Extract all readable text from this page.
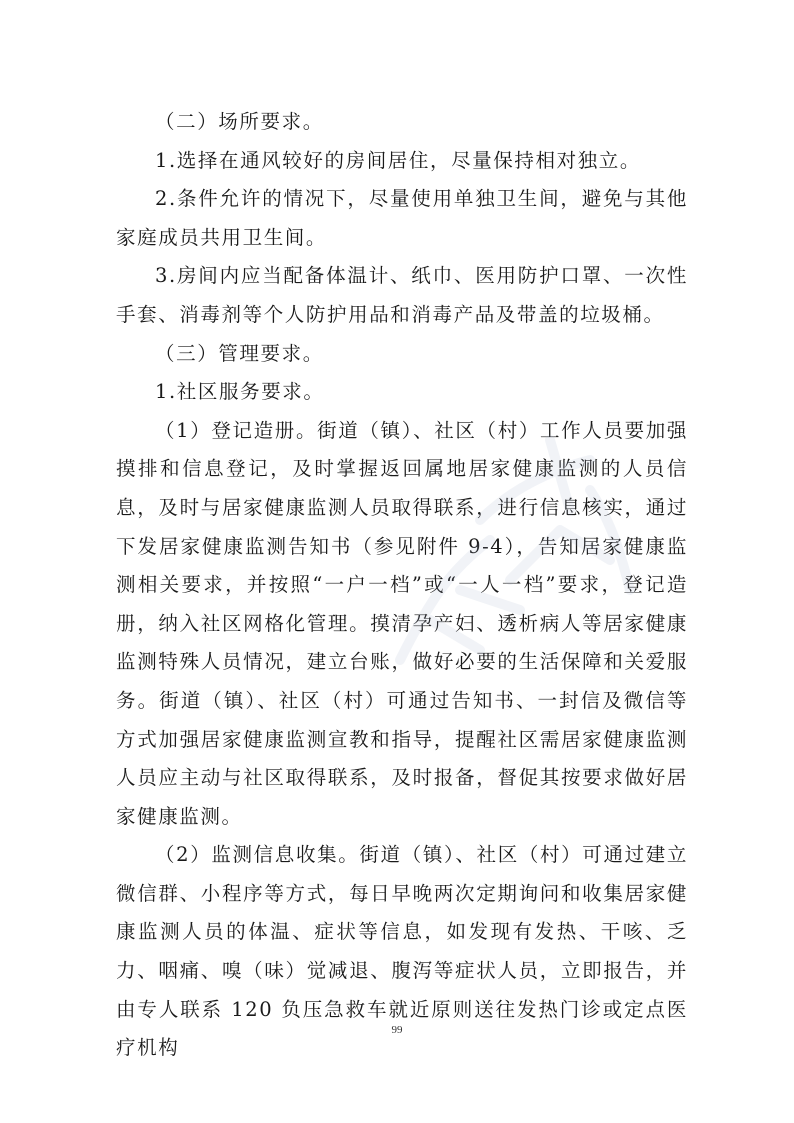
（二）场所要求。

1.选择在通风较好的房间居住，尽量保持相对独立。

2.条件允许的情况下，尽量使用单独卫生间，避免与其他家庭成员共用卫生间。

3.房间内应当配备体温计、纸巾、医用防护口罩、一次性手套、消毒剂等个人防护用品和消毒产品及带盖的垃圾桶。

（三）管理要求。

1.社区服务要求。

（1）登记造册。街道（镇）、社区（村）工作人员要加强摸排和信息登记，及时掌握返回属地居家健康监测的人员信息，及时与居家健康监测人员取得联系，进行信息核实，通过下发居家健康监测告知书（参见附件 9-4），告知居家健康监测相关要求，并按照“一户一档”或“一人一档”要求，登记造册，纳入社区网格化管理。摸清孕产妇、透析病人等居家健康监测特殊人员情况，建立台账，做好必要的生活保障和关爱服务。街道（镇）、社区（村）可通过告知书、一封信及微信等方式加强居家健康监测宣教和指导，提醒社区需居家健康监测人员应主动与社区取得联系，及时报备，督促其按要求做好居家健康监测。

（2）监测信息收集。街道（镇）、社区（村）可通过建立微信群、小程序等方式，每日早晚两次定期询问和收集居家健康监测人员的体温、症状等信息，如发现有发热、干咳、乏力、咽痛、嗅（味）觉减退、腹泻等症状人员，立即报告，并由专人联系 120 负压急救车就近原则送往发热门诊或定点医疗机构

99
